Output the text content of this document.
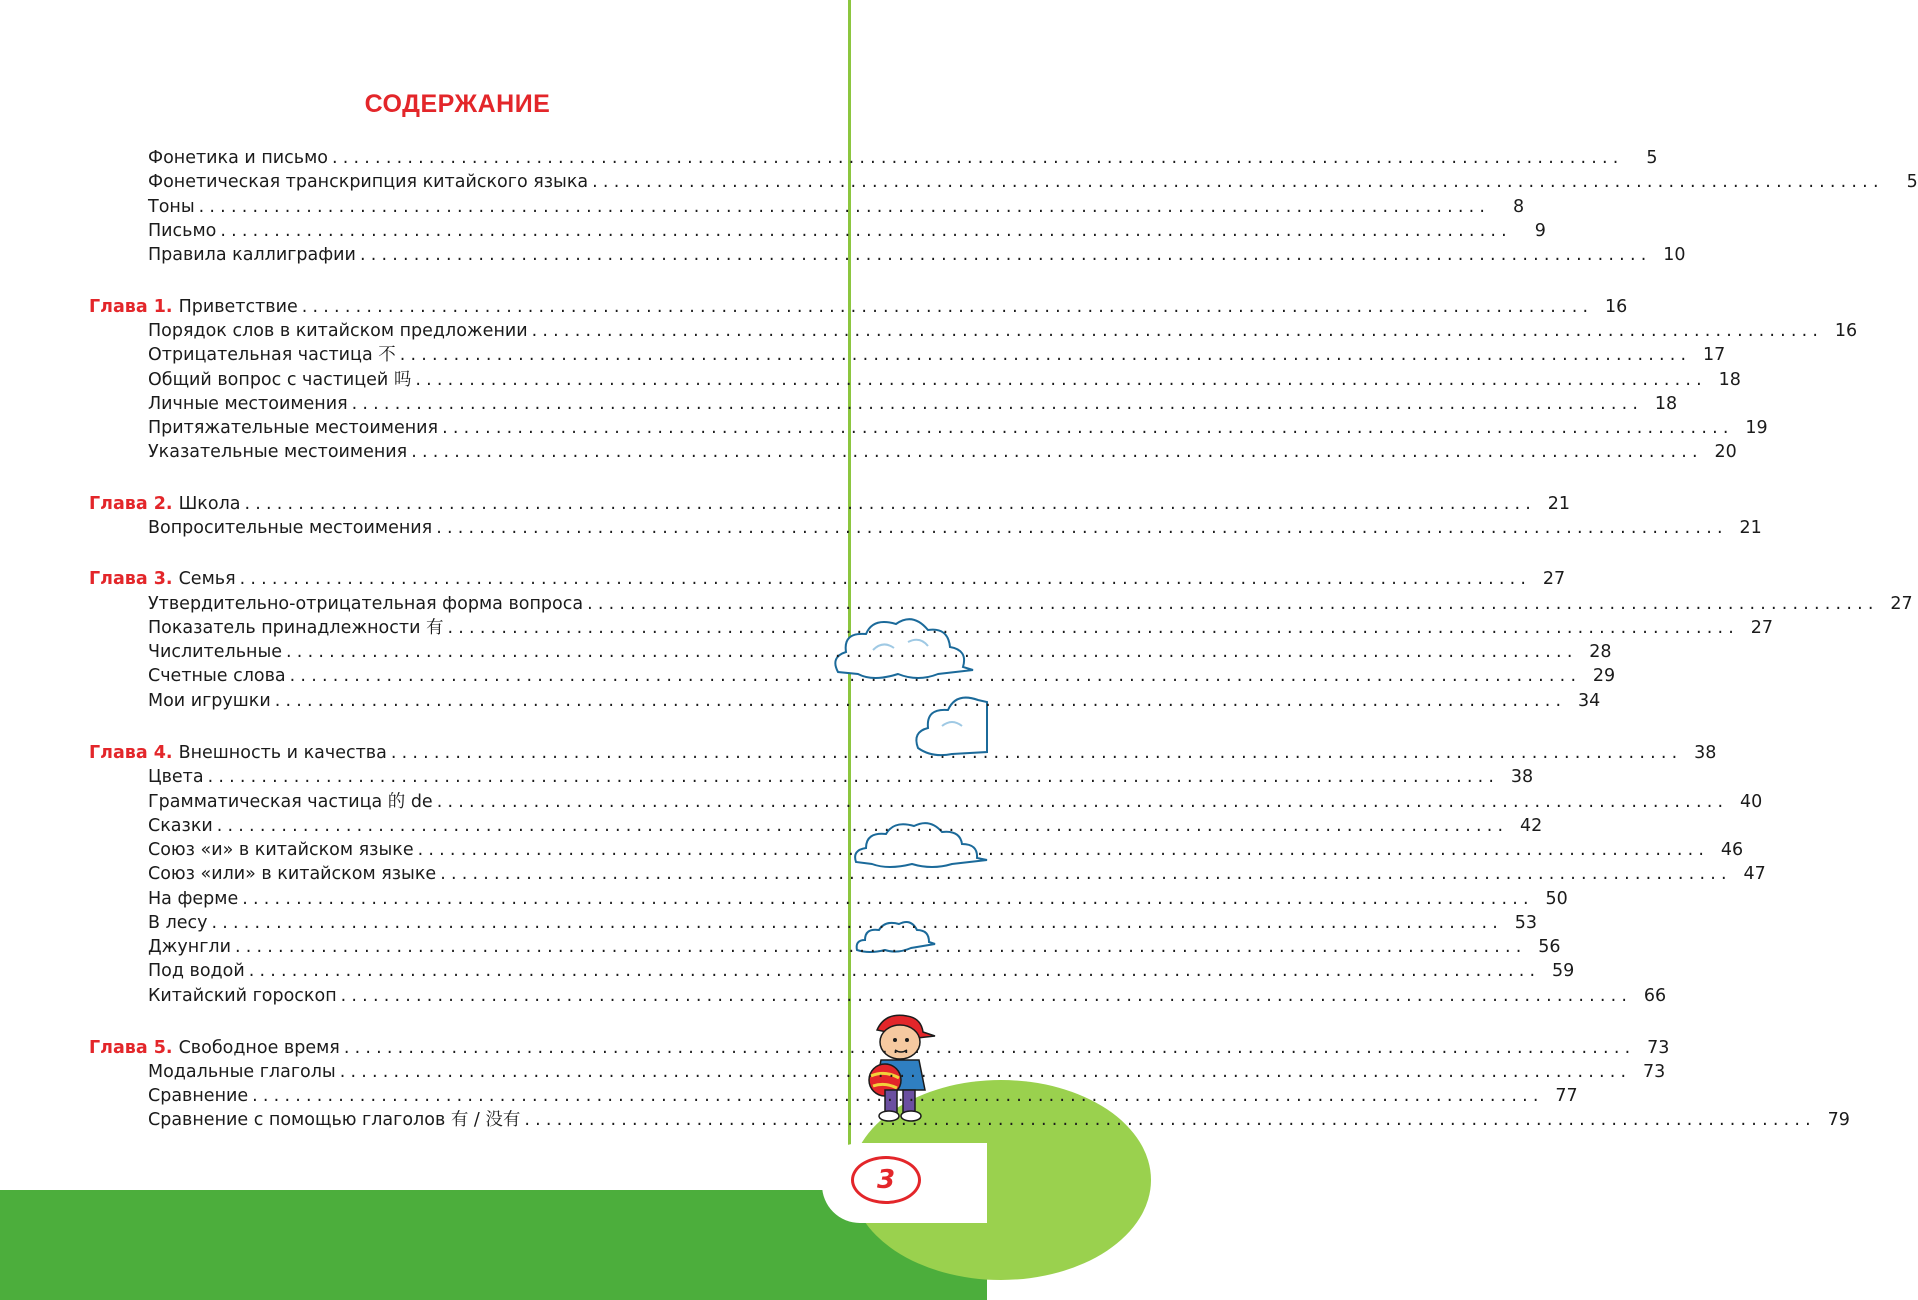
3
СОДЕРЖАНИЕ
Фонетика и письмо ........................................................................................................................	5
Фонетическая транскрипция китайского языка ........................................................................................................................	5
Тоны ........................................................................................................................	8
Письмо ........................................................................................................................	9
Правила каллиграфии ........................................................................................................................ 10
Глава 1. Приветствие ........................................................................................................................ 16
Порядок слов в китайском предложении ........................................................................................................................ 16
Отрицательная частица 不 ........................................................................................................................ 17
Общий вопрос с частицей 吗 ........................................................................................................................ 18
Личные местоимения ........................................................................................................................ 18
Притяжательные местоимения ........................................................................................................................ 19
Указательные местоимения ........................................................................................................................ 20
Глава 2. Школа ........................................................................................................................ 21
Вопросительные местоимения ........................................................................................................................ 21
Глава 3. Семья ........................................................................................................................ 27
Утвердительно-отрицательная форма вопроса ........................................................................................................................ 27
Показатель принадлежности 有 ........................................................................................................................ 27
Числительные ........................................................................................................................ 28
Счетные слова ........................................................................................................................ 29
Мои игрушки ........................................................................................................................ 34
Глава 4. Внешность и качества ........................................................................................................................ 38
Цвета ........................................................................................................................ 38
Грамматическая частица 的 de ........................................................................................................................ 40
Сказки ........................................................................................................................ 42
Союз «и» в китайском языке ........................................................................................................................ 46
Союз «или» в китайском языке ........................................................................................................................ 47
На ферме ........................................................................................................................ 50
В лесу ........................................................................................................................ 53
Джунгли ........................................................................................................................ 56
Под водой ........................................................................................................................ 59
Китайский гороскоп ........................................................................................................................ 66
Глава 5. Свободное время ........................................................................................................................ 73
Модальные глаголы ........................................................................................................................ 73
Сравнение ........................................................................................................................ 77
Сравнение с помощью глаголов 有 / 没有 ........................................................................................................................ 79
